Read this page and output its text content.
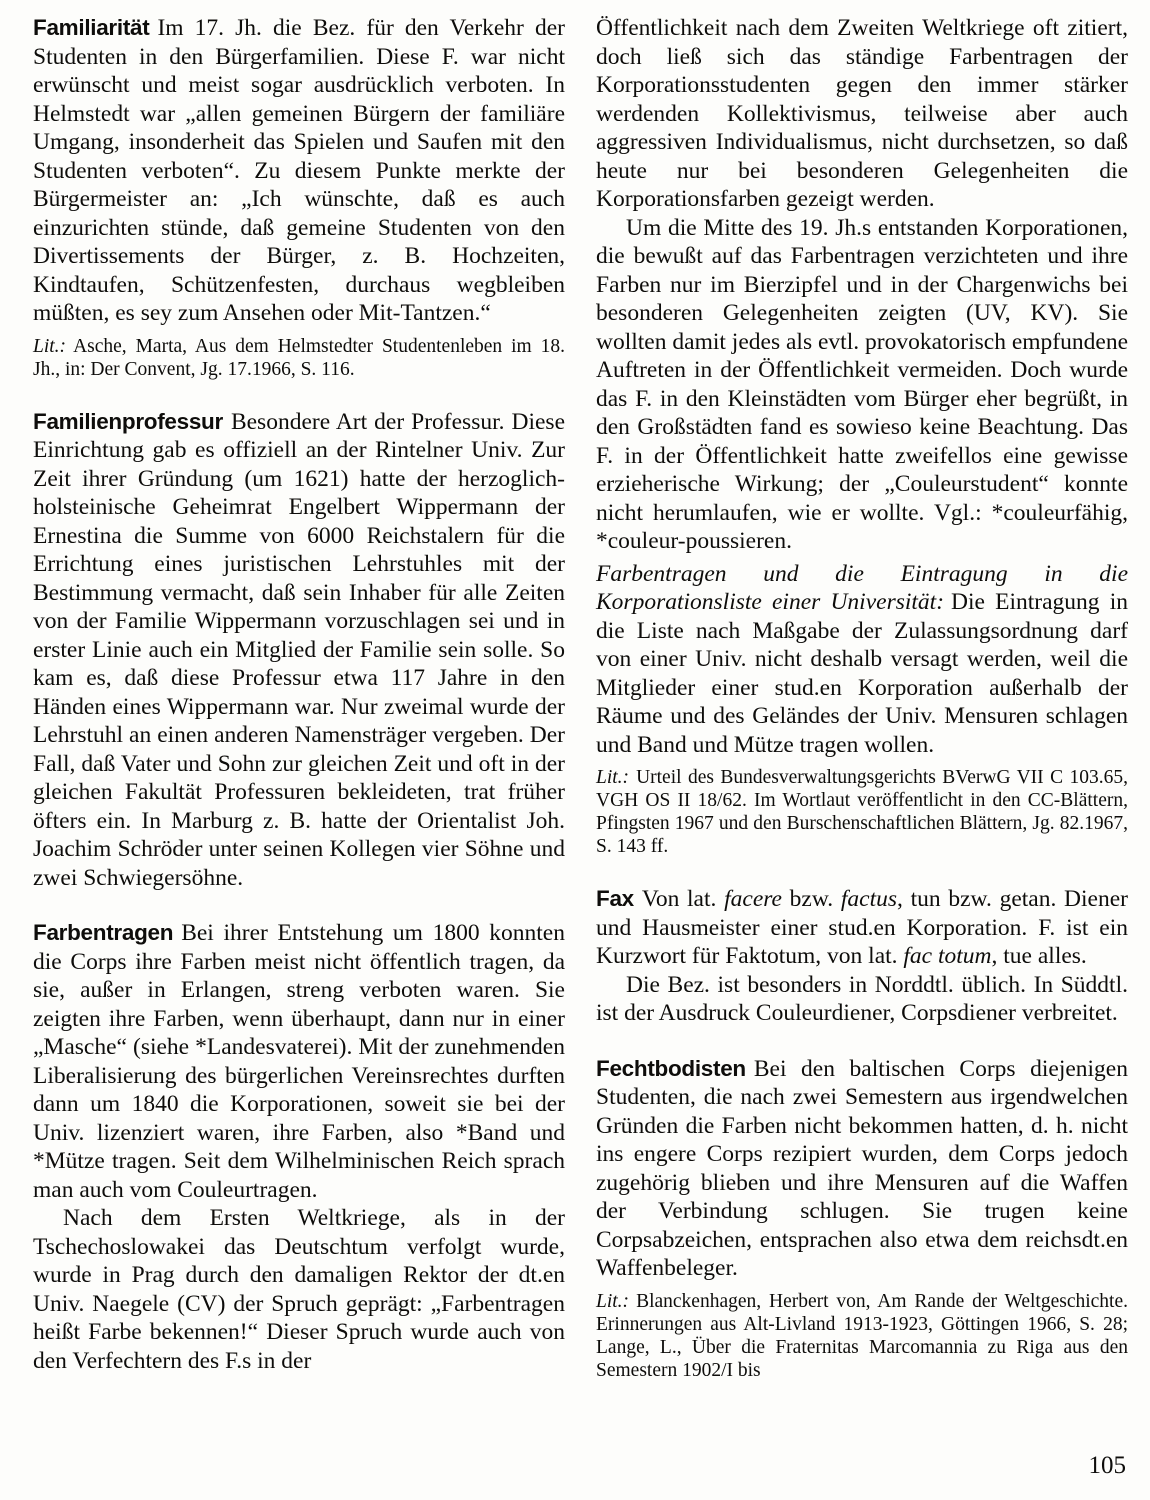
Familiarität Im 17. Jh. die Bez. für den Verkehr der Studenten in den Bürgerfamilien. Diese F. war nicht erwünscht und meist sogar ausdrücklich verboten. In Helmstedt war „allen gemeinen Bürgern der familiäre Umgang, insonderheit das Spielen und Saufen mit den Studenten verboten“. Zu diesem Punkte merkte der Bürgermeister an: „Ich wünschte, daß es auch einzurichten stünde, daß gemeine Studenten von den Divertissements der Bürger, z. B. Hochzeiten, Kindtaufen, Schützenfesten, durchaus wegbleiben müßten, es sey zum Ansehen oder Mit-Tantzen.“

Lit.: Asche, Marta, Aus dem Helmstedter Studentenleben im 18. Jh., in: Der Convent, Jg. 17.1966, S. 116.

Familienprofessur Besondere Art der Professur. Diese Einrichtung gab es offiziell an der Rintelner Univ. Zur Zeit ihrer Gründung (um 1621) hatte der herzoglich-holsteinische Geheimrat Engelbert Wippermann der Ernestina die Summe von 6000 Reichstalern für die Errichtung eines juristischen Lehrstuhles mit der Bestimmung vermacht, daß sein Inhaber für alle Zeiten von der Familie Wippermann vorzuschlagen sei und in erster Linie auch ein Mitglied der Familie sein solle. So kam es, daß diese Professur etwa 117 Jahre in den Händen eines Wippermann war. Nur zweimal wurde der Lehrstuhl an einen anderen Namensträger vergeben. Der Fall, daß Vater und Sohn zur gleichen Zeit und oft in der gleichen Fakultät Professuren bekleideten, trat früher öfters ein. In Marburg z. B. hatte der Orientalist Joh. Joachim Schröder unter seinen Kollegen vier Söhne und zwei Schwiegersöhne.

Farbentragen Bei ihrer Entstehung um 1800 konnten die Corps ihre Farben meist nicht öffentlich tragen, da sie, außer in Erlangen, streng verboten waren. Sie zeigten ihre Farben, wenn überhaupt, dann nur in einer „Masche“ (siehe *Landesvaterei). Mit der zunehmenden Liberalisierung des bürgerlichen Vereinsrechtes durften dann um 1840 die Korporationen, soweit sie bei der Univ. lizenziert waren, ihre Farben, also *Band und *Mütze tragen. Seit dem Wilhelminischen Reich sprach man auch vom Couleurtragen.

Nach dem Ersten Weltkriege, als in der Tschechoslowakei das Deutschtum verfolgt wurde, wurde in Prag durch den damaligen Rektor der dt.en Univ. Naegele (CV) der Spruch geprägt: „Farbentragen heißt Farbe bekennen!“ Dieser Spruch wurde auch von den Verfechtern des F.s in der

Öffentlichkeit nach dem Zweiten Weltkriege oft zitiert, doch ließ sich das ständige Farbentragen der Korporationsstudenten gegen den immer stärker werdenden Kollektivismus, teilweise aber auch aggressiven Individualismus, nicht durchsetzen, so daß heute nur bei besonderen Gelegenheiten die Korporationsfarben gezeigt werden.

Um die Mitte des 19. Jh.s entstanden Korporationen, die bewußt auf das Farbentragen verzichteten und ihre Farben nur im Bierzipfel und in der Chargenwichs bei besonderen Gelegenheiten zeigten (UV, KV). Sie wollten damit jedes als evtl. provokatorisch empfundene Auftreten in der Öffentlichkeit vermeiden. Doch wurde das F. in den Kleinstädten vom Bürger eher begrüßt, in den Großstädten fand es sowieso keine Beachtung. Das F. in der Öffentlichkeit hatte zweifellos eine gewisse erzieherische Wirkung; der „Couleurstudent“ konnte nicht herumlaufen, wie er wollte. Vgl.: *couleurfähig, *couleur-poussieren.

Farbentragen und die Eintragung in die Korporationsliste einer Universität: Die Eintragung in die Liste nach Maßgabe der Zulassungsordnung darf von einer Univ. nicht deshalb versagt werden, weil die Mitglieder einer stud.en Korporation außerhalb der Räume und des Geländes der Univ. Mensuren schlagen und Band und Mütze tragen wollen.

Lit.: Urteil des Bundesverwaltungsgerichts BVerwG VII C 103.65, VGH OS II 18/62. Im Wortlaut veröffentlicht in den CC-Blättern, Pfingsten 1967 und den Burschenschaftlichen Blättern, Jg. 82.1967, S. 143 ff.

Fax Von lat. facere bzw. factus, tun bzw. getan. Diener und Hausmeister einer stud.en Korporation. F. ist ein Kurzwort für Faktotum, von lat. fac totum, tue alles.

Die Bez. ist besonders in Norddtl. üblich. In Süddtl. ist der Ausdruck Couleurdiener, Corpsdiener verbreitet.

Fechtbodisten Bei den baltischen Corps diejenigen Studenten, die nach zwei Semestern aus irgendwelchen Gründen die Farben nicht bekommen hatten, d. h. nicht ins engere Corps rezipiert wurden, dem Corps jedoch zugehörig blieben und ihre Mensuren auf die Waffen der Verbindung schlugen. Sie trugen keine Corpsabzeichen, entsprachen also etwa dem reichsdt.en Waffenbeleger.

Lit.: Blanckenhagen, Herbert von, Am Rande der Weltgeschichte. Erinnerungen aus Alt-Livland 1913-1923, Göttingen 1966, S. 28; Lange, L., Über die Fraternitas Marcomannia zu Riga aus den Semestern 1902/I bis

105
